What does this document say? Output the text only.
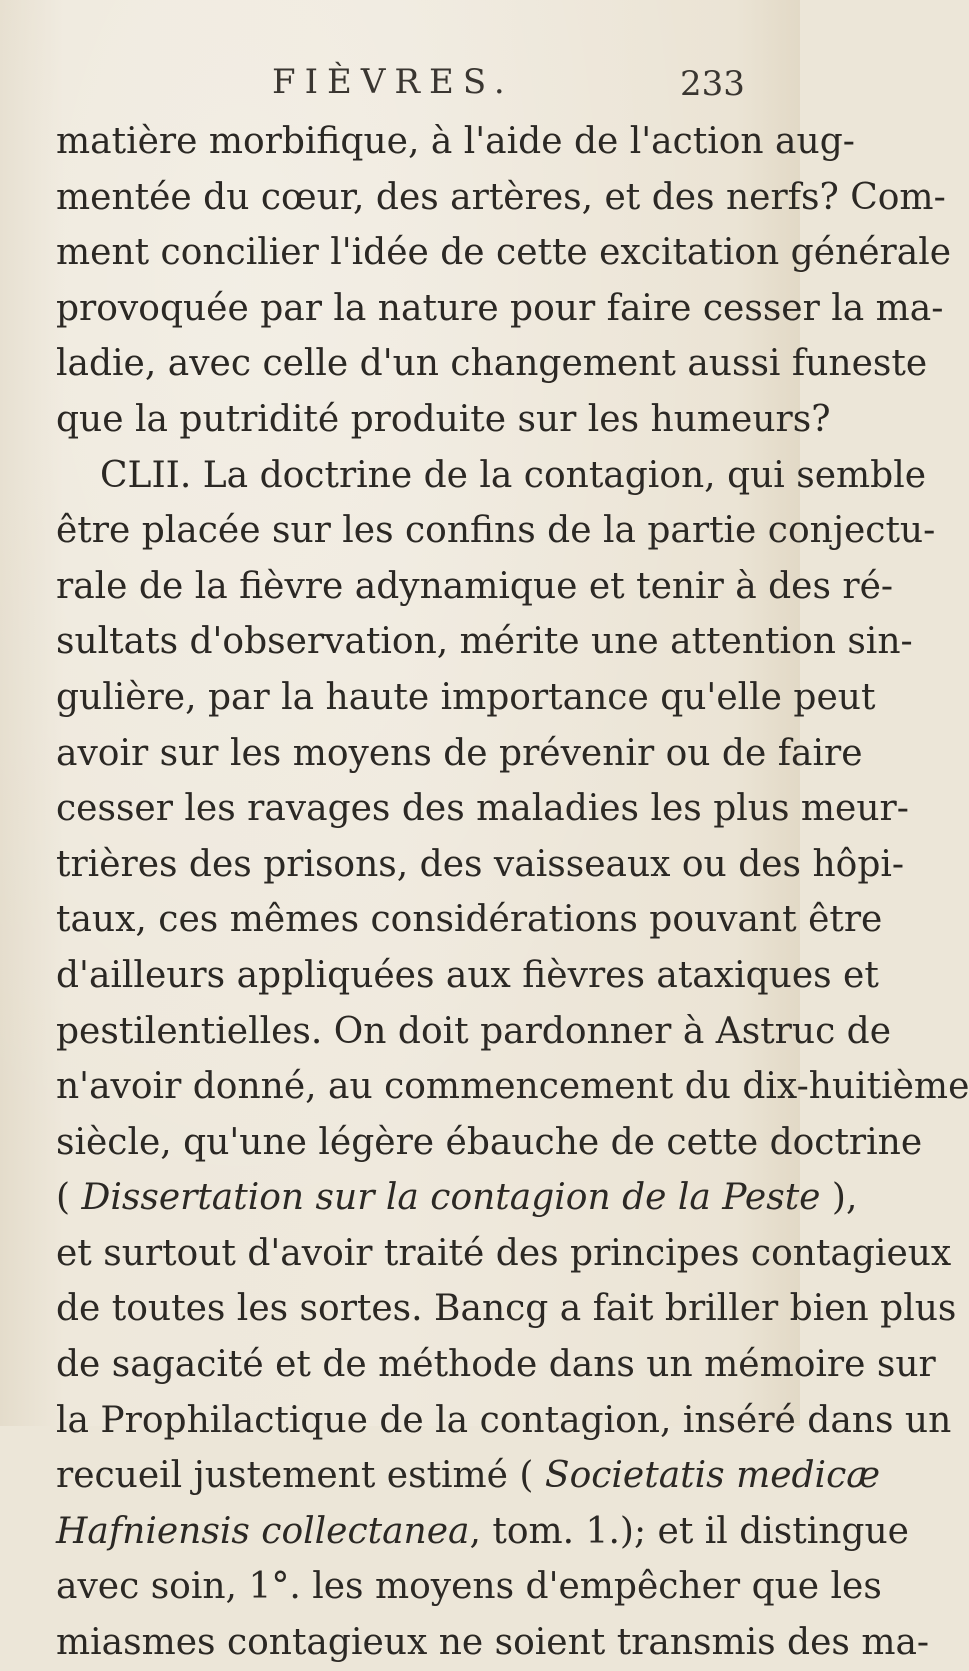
FIÈVRES.	233
matière morbifique, à l'aide de l'action aug-
mentée du cœur, des artères, et des nerfs? Com-
ment concilier l'idée de cette excitation générale
provoquée par la nature pour faire cesser la ma-
ladie, avec celle d'un changement aussi funeste
que la putridité produite sur les humeurs?
CLII. La doctrine de la contagion, qui semble
être placée sur les confins de la partie conjectu-
rale de la fièvre adynamique et tenir à des ré-
sultats d'observation, mérite une attention sin-
gulière, par la haute importance qu'elle peut
avoir sur les moyens de prévenir ou de faire
cesser les ravages des maladies les plus meur-
trières des prisons, des vaisseaux ou des hôpi-
taux, ces mêmes considérations pouvant être
d'ailleurs appliquées aux fièvres ataxiques et
pestilentielles. On doit pardonner à Astruc de
n'avoir donné, au commencement du dix-huitième
siècle, qu'une légère ébauche de cette doctrine
( Dissertation sur la contagion de la Peste ),
et surtout d'avoir traité des principes contagieux
de toutes les sortes. Bancg a fait briller bien plus
de sagacité et de méthode dans un mémoire sur
la Prophilactique de la contagion, inséré dans un
recueil justement estimé ( Societatis medicæ
Hafniensis collectanea, tom. 1.); et il distingue
avec soin, 1°. les moyens d'empêcher que les
miasmes contagieux ne soient transmis des ma-
